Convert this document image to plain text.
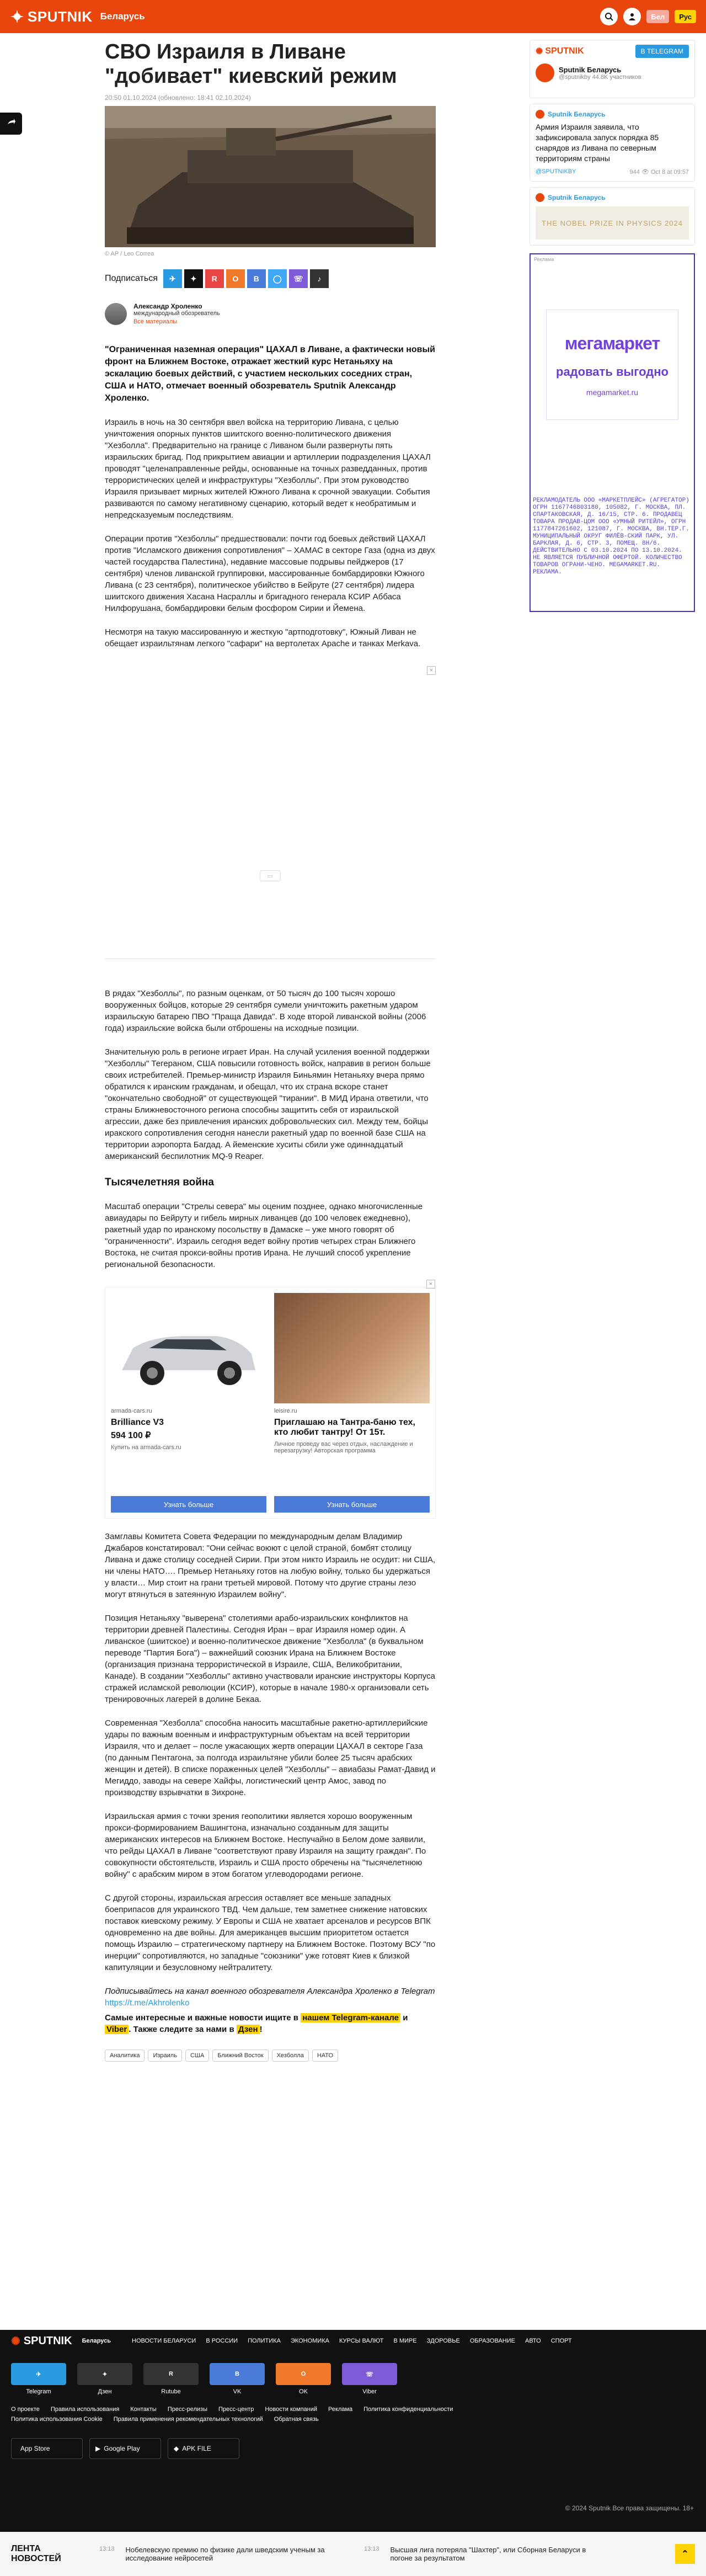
SPUTNIK Беларусь	Бел	Рус
СВО Израиля в Ливане "добивает" киевский режим
20:50 01.10.2024 (обновлено: 18:41 02.10.2024)
© AP / Leo Correa
Подписаться	✈	✦	R	О	В	◯	☏	♪
Александр Хроленко
международный обозреватель
Все материалы
"Ограниченная наземная операция" ЦАХАЛ в Ливане, а фактически новый фронт на Ближнем Востоке, отражает жесткий курс Нетаньяху на эскалацию боевых действий, с участием нескольких соседних стран, США и НАТО, отмечает военный обозреватель Sputnik Александр Хроленко.
Израиль в ночь на 30 сентября ввел войска на территорию Ливана, с целью уничтожения опорных пунктов шиитского военно-политического движения "Хезболла". Предварительно на границе с Ливаном были развернуты пять израильских бригад. Под прикрытием авиации и артиллерии подразделения ЦАХАЛ проводят "целенаправленные рейды, основанные на точных разведданных, против террористических целей и инфраструктуры "Хезболлы". При этом руководство Израиля призывает мирных жителей Южного Ливана к срочной эвакуации. События развиваются по самому негативному сценарию, который ведет к необратимым и непредсказуемым последствиям.
Операции против "Хезболлы" предшествовали: почти год боевых действий ЦАХАЛ против "Исламского движения сопротивления" – ХАМАС в секторе Газа (одна из двух частей государства Палестина), недавние массовые подрывы пейджеров (17 сентября) членов ливанской группировки, массированные бомбардировки Южного Ливана (с 23 сентября), политическое убийство в Бейруте (27 сентября) лидера шиитского движения Хасана Насраллы и бригадного генерала КСИР Аббаса Нилфорушана, бомбардировки белым фосфором Сирии и Йемена.
Несмотря на такую массированную и жесткую "артподготовку", Южный Ливан не обещает израильтянам легкого "сафари" на вертолетах Apache и танках Merkava.
×
▭
В рядах "Хезболлы", по разным оценкам, от 50 тысяч до 100 тысяч хорошо вооруженных бойцов, которые 29 сентября сумели уничтожить ракетным ударом израильскую батарею ПВО "Праща Давида". В ходе второй ливанской войны (2006 года) израильские войска были отброшены на исходные позиции.
Значительную роль в регионе играет Иран. На случай усиления военной поддержки "Хезболлы" Тегераном, США повысили готовность войск, направив в регион больше своих истребителей. Премьер-министр Израиля Биньямин Нетаньяху вчера прямо обратился к иранским гражданам, и обещал, что их страна вскоре станет "окончательно свободной" от существующей "тирании". В МИД Ирана ответили, что страны Ближневосточного региона способны защитить себя от израильской агрессии, даже без привлечения иранских добровольческих сил. Между тем, бойцы иракского сопротивления сегодня нанесли ракетный удар по военной базе США на территории аэропорта Багдад. А йеменские хуситы сбили уже одиннадцатый американский беспилотник MQ-9 Reaper.
Тысячелетняя война
Масштаб операции "Стрелы севера" мы оценим позднее, однако многочисленные авиаудары по Бейруту и гибель мирных ливанцев (до 100 человек ежедневно), ракетный удар по иранскому посольству в Дамаске – уже много говорят об "ограниченности". Израиль сегодня ведет войну против четырех стран Ближнего Востока, не считая прокси-войны против Ирана. Не лучший способ укрепление региональной безопасности.
×
armada-cars.ru
Brilliance V3
594 100 ₽
Купить на armada-cars.ru
Узнать больше
leisire.ru
Приглашаю на Тантра-баню тех, кто любит тантру! От 15т.
Личное проведу вас через отдых, наслаждение и перезагрузку! Авторская программа
Узнать больше
Замглавы Комитета Совета Федерации по международным делам Владимир Джабаров констатировал: "Они сейчас воюют с целой страной, бомбят столицу Ливана и даже столицу соседней Сирии. При этом никто Израиль не осудит: ни США, ни члены НАТО…. Премьер Нетаньяху готов на любую войну, только бы удержаться у власти… Мир стоит на грани третьей мировой. Потому что другие страны лезо могут втянуться в затеянную Израилем войну".
Позиция Нетаньяху "выверена" столетиями арабо-израильских конфликтов на территории древней Палестины. Сегодня Иран – враг Израиля номер один. А ливанское (шиитское) и военно-политическое движение "Хезболла" (в буквальном переводе "Партия Бога") – важнейший союзник Ирана на Ближнем Востоке (организация признана террористической в Израиле, США, Великобритании, Канаде). В создании "Хезболлы" активно участвовали иранские инструкторы Корпуса стражей исламской революции (КСИР), которые в начале 1980-х организовали сеть тренировочных лагерей в долине Бекаа.
Современная "Хезболла" способна наносить масштабные ракетно-артиллерийские удары по важным военным и инфраструктурным объектам на всей территории Израиля, что и делает – после ужасающих жертв операции ЦАХАЛ в секторе Газа (по данным Пентагона, за полгода израильтяне убили более 25 тысяч арабских женщин и детей). В списке пораженных целей "Хезболлы" – авиабазы Рамат-Давид и Мегиддо, заводы на севере Хайфы, логистический центр Амос, завод по производству взрывчатки в Зихроне.
Израильская армия с точки зрения геополитики является хорошо вооруженным прокси-формированием Вашингтона, изначально созданным для защиты американских интересов на Ближнем Востоке. Неспучайно в Белом доме заявили, что рейды ЦАХАЛ в Ливане "соответствуют праву Израиля на защиту граждан". По совокупности обстоятельств, Израиль и США просто обречены на "тысячелетнюю войну" с арабским миром в этом богатом углеводородами регионе.
С другой стороны, израильская агрессия оставляет все меньше западных боеприпасов для украинского ТВД. Чем дальше, тем заметнее снижение натовских поставок киевскому режиму. У Европы и США не хватает арсеналов и ресурсов ВПК одновременно на две войны. Для американцев высшим приоритетом остается помощь Израилю – стратегическому партнеру на Ближнем Востоке. Поэтому ВСУ "по инерции" сопротивляются, но западные "союзники" уже готовят Киев к близкой капитуляции и безусловному нейтралитету.
Подписывайтесь на канал военного обозревателя Александра Хроленко в Telegram https://t.me/Akhrolenko
Самые интересные и важные новости ищите в нашем Telegram-канале и Viber . Также следите за нами в Дзен !
Аналитика	Израиль	США	Ближний Восток	Хезболла	НАТО
✺ SPUTNIK	В TELEGRAM
Sputnik Беларусь
@sputnikby 44.8K участников
Sputnik Беларусь
Армия Израиля заявила, что зафиксировала запуск порядка 85 снарядов из Ливана по северным территориям страны
@SPUTNIKBY	944 👁 Oct 8 at 09:57
Sputnik Беларусь
THE NOBEL PRIZE IN PHYSICS 2024
Реклама
мегамаркет
радовать выгодно
megamarket.ru
РЕКЛАМОДАТЕЛЬ ООО «МАРКЕТПЛЕЙС» (АГРЕГАТОР) ОГРН 1167746803180, 105082, Г. МОСКВА, ПЛ. СПАРТАКОВСКАЯ, Д. 16/15, СТР. 6. ПРОДАВЕЦ ТОВАРА ПРОДАВ-ЦОМ ООО «УМНЫЙ РИТЕЙЛ», ОГРН 1177847261602, 121087, Г. МОСКВА, ВН.ТЕР.Г. МУНИЦИПАЛЬНЫЙ ОКРУГ ФИЛЁВ-СКИЙ ПАРК, УЛ. БАРКЛАЯ, Д. 6, СТР. 3, ПОМЕЩ. 8Н/6. ДЕЙСТВИТЕЛЬНО С 03.10.2024 ПО 13.10.2024. НЕ ЯВЛЯЕТСЯ ПУБЛИЧНОЙ ОФЕРТОЙ. КОЛИЧЕСТВО ТОВАРОВ ОГРАНИ-ЧЕНО. MEGAMARKET.RU. РЕКЛАМА.
✺ SPUTNIK Беларусь	НОВОСТИ БЕЛАРУСИ В РОССИИ ПОЛИТИКА ЭКОНОМИКА КУРСЫ ВАЛЮТ В МИРЕ ЗДОРОВЬЕ ОБРАЗОВАНИЕ АВТО СПОРТ
✈
Telegram
✦
Дзен
R
Rutube
В
VK
О
OK
☏
Viber
О проекте Правила использования Контакты Пресс-релизы Пресс-центр Новости компаний Реклама Политика конфиденциальности
Политика использования Cookie Правила применения рекомендательных технологий Обратная связь
App Store	▶ Google Play	◆ APK FILE
© 2024 Sputnik Все права защищены. 18+
ЛЕНТА НОВОСТЕЙ
13:13 Нобелевскую премию по физике дали шведским ученым за исследование нейросетей
13:13 Высшая лига потеряла "Шахтер", или Сборная Беларуси в погоне за результатом	⌃
